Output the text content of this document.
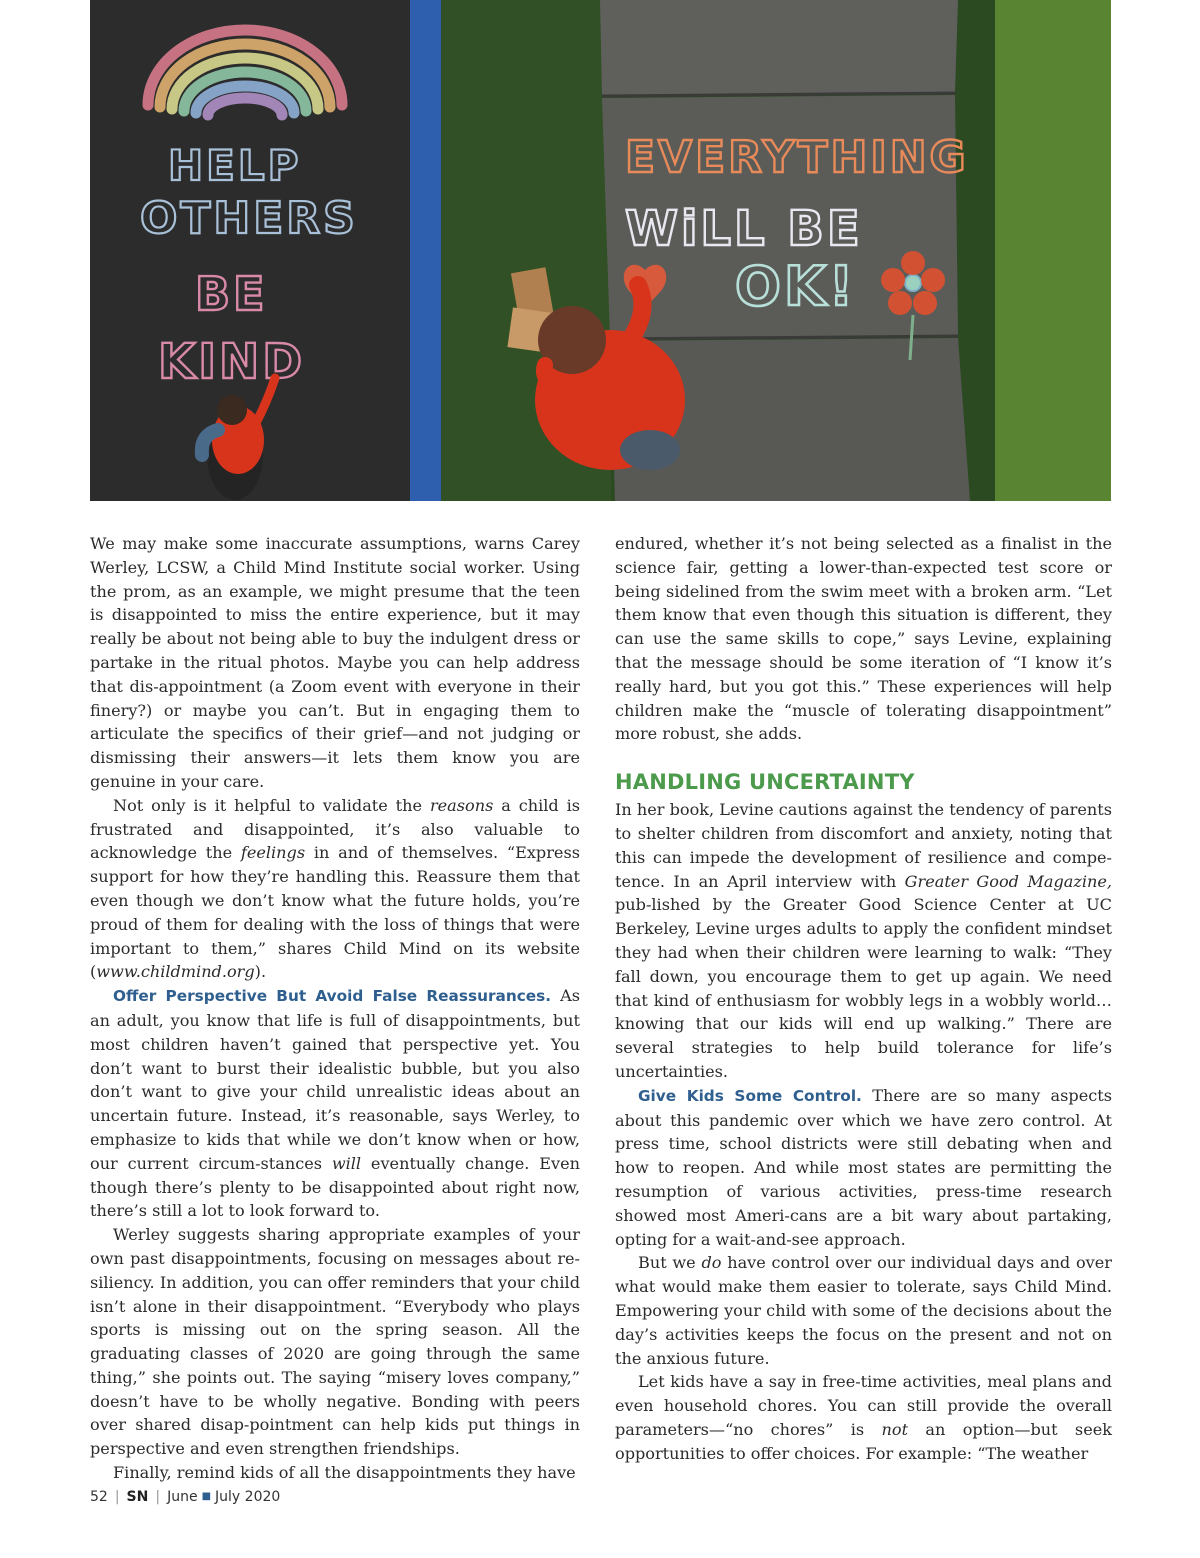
HELP
OTHERS
BE
KIND
EVERYTHING
WiLL BE
OK!

We may make some inaccurate assumptions, warns Carey Werley, LCSW, a Child Mind Institute social worker. Using the prom, as an example, we might presume that the teen is disappointed to miss the entire experience, but it may really be about not being able to buy the indulgent dress or partake in the ritual photos. Maybe you can help address that dis-appointment (a Zoom event with everyone in their finery?) or maybe you can’t. But in engaging them to articulate the specifics of their grief—and not judging or dismissing their answers—it lets them know you are genuine in your care.

Not only is it helpful to validate the reasons a child is frustrated and disappointed, it’s also valuable to acknowledge the feelings in and of themselves. “Express support for how they’re handling this. Reassure them that even though we don’t know what the future holds, you’re proud of them for dealing with the loss of things that were important to them,” shares Child Mind on its website (www.childmind.org).

Offer Perspective But Avoid False Reassurances. As an adult, you know that life is full of disappointments, but most children haven’t gained that perspective yet. You don’t want to burst their idealistic bubble, but you also don’t want to give your child unrealistic ideas about an uncertain future. Instead, it’s reasonable, says Werley, to emphasize to kids that while we don’t know when or how, our current circum-stances will eventually change. Even though there’s plenty to be disappointed about right now, there’s still a lot to look forward to.

Werley suggests sharing appropriate examples of your own past disappointments, focusing on messages about re-siliency. In addition, you can offer reminders that your child isn’t alone in their disappointment. “Everybody who plays sports is missing out on the spring season. All the graduating classes of 2020 are going through the same thing,” she points out. The saying “misery loves company,” doesn’t have to be wholly negative. Bonding with peers over shared disap-pointment can help kids put things in perspective and even strengthen friendships.

Finally, remind kids of all the disappointments they have

endured, whether it’s not being selected as a finalist in the science fair, getting a lower-than-expected test score or being sidelined from the swim meet with a broken arm. “Let them know that even though this situation is different, they can use the same skills to cope,” says Levine, explaining that the message should be some iteration of “I know it’s really hard, but you got this.” These experiences will help children make the “muscle of tolerating disappointment” more robust, she adds.

HANDLING UNCERTAINTY

In her book, Levine cautions against the tendency of parents to shelter children from discomfort and anxiety, noting that this can impede the development of resilience and compe-tence. In an April interview with Greater Good Magazine, pub-lished by the Greater Good Science Center at UC Berkeley, Levine urges adults to apply the confident mindset they had when their children were learning to walk: “They fall down, you encourage them to get up again. We need that kind of enthusiasm for wobbly legs in a wobbly world…knowing that our kids will end up walking.” There are several strategies to help build tolerance for life’s uncertainties.

Give Kids Some Control. There are so many aspects about this pandemic over which we have zero control. At press time, school districts were still debating when and how to reopen. And while most states are permitting the resumption of various activities, press-time research showed most Ameri-cans are a bit wary about partaking, opting for a wait-and-see approach.

But we do have control over our individual days and over what would make them easier to tolerate, says Child Mind. Empowering your child with some of the decisions about the day’s activities keeps the focus on the present and not on the anxious future.

Let kids have a say in free-time activities, meal plans and even household chores. You can still provide the overall parameters—“no chores” is not an option—but seek opportunities to offer choices. For example: “The weather

52 | SN | June ■ July 2020
